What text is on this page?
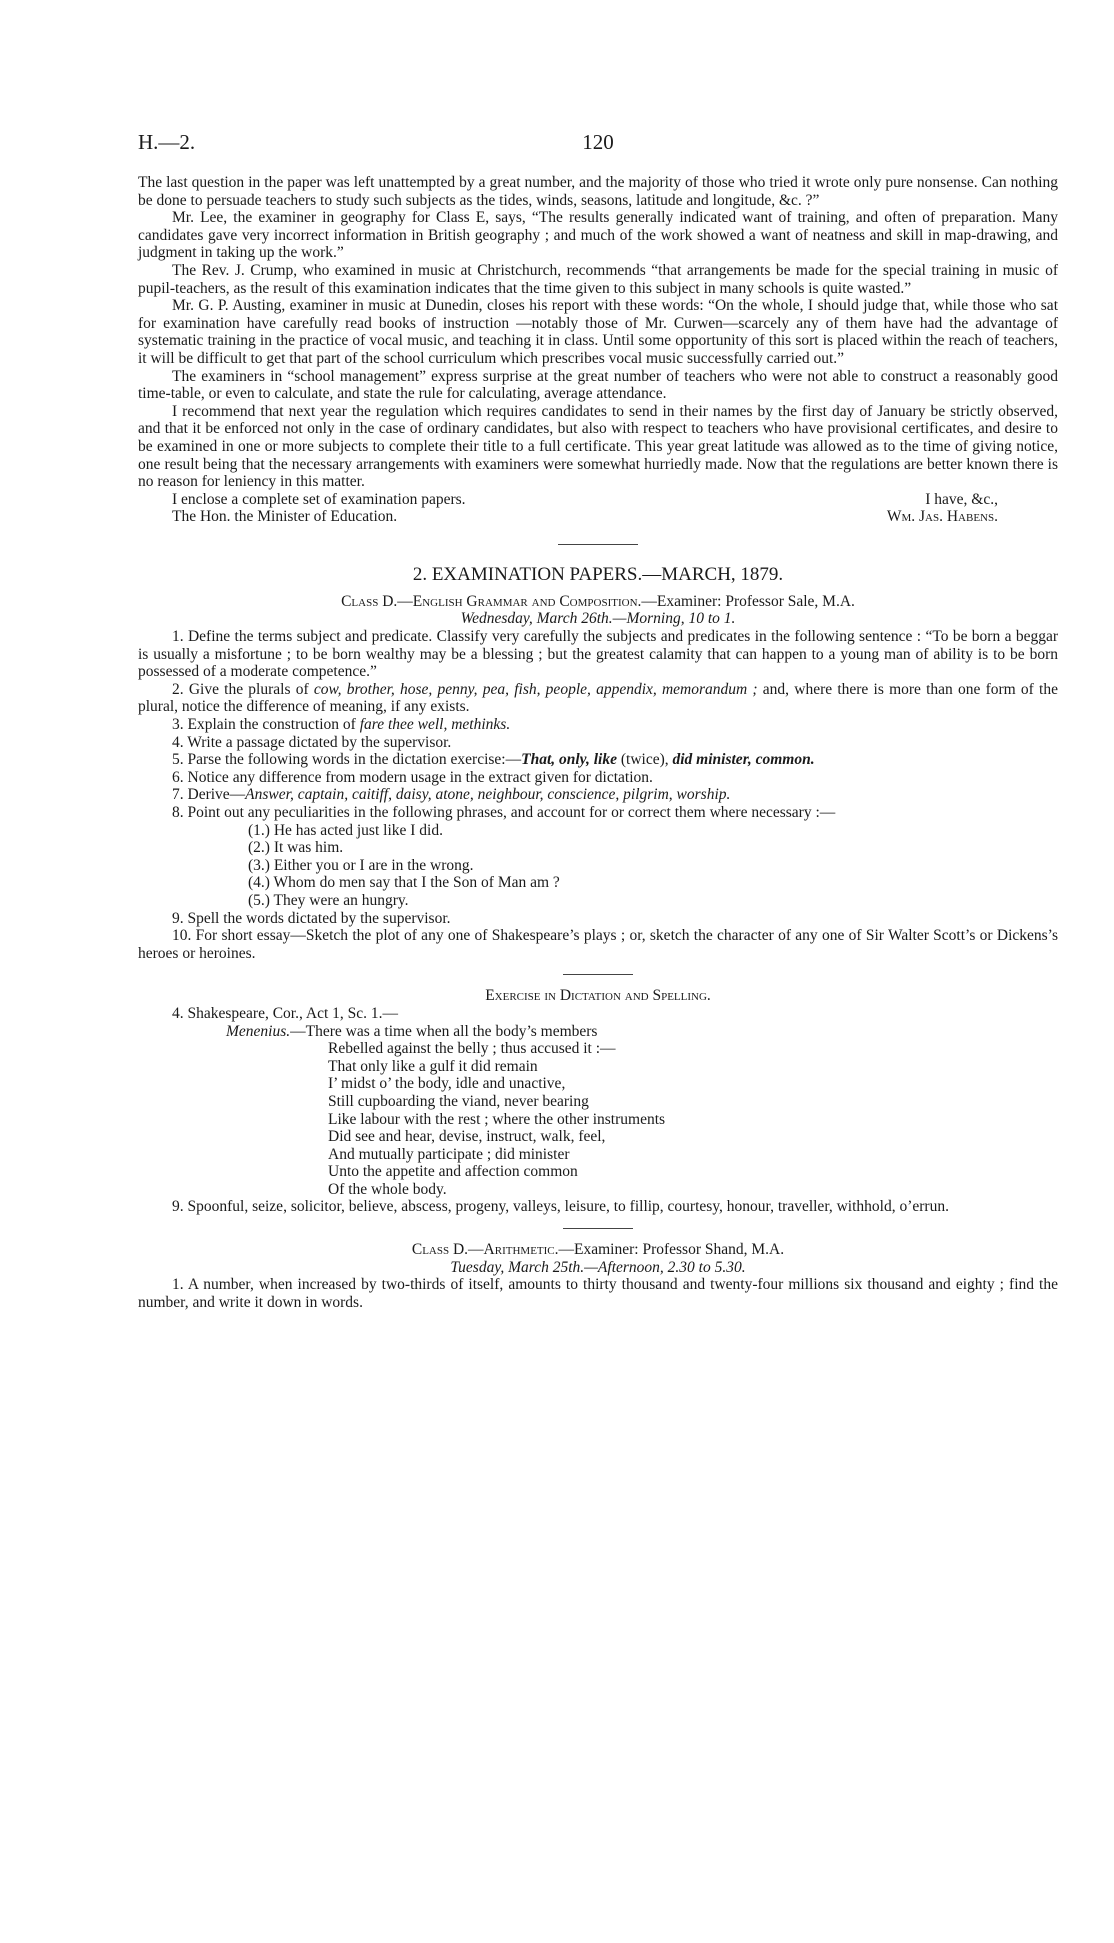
H.—2.	120

The last question in the paper was left unattempted by a great number, and the majority of those who tried it wrote only pure nonsense. Can nothing be done to persuade teachers to study such subjects as the tides, winds, seasons, latitude and longitude, &c. ?”

Mr. Lee, the examiner in geography for Class E, says, “The results generally indicated want of training, and often of preparation. Many candidates gave very incorrect information in British geography ; and much of the work showed a want of neatness and skill in map-drawing, and judgment in taking up the work.”

The Rev. J. Crump, who examined in music at Christchurch, recommends “that arrangements be made for the special training in music of pupil-teachers, as the result of this examination indicates that the time given to this subject in many schools is quite wasted.”

Mr. G. P. Austing, examiner in music at Dunedin, closes his report with these words: “On the whole, I should judge that, while those who sat for examination have carefully read books of instruction —notably those of Mr. Curwen—scarcely any of them have had the advantage of systematic training in the practice of vocal music, and teaching it in class. Until some opportunity of this sort is placed within the reach of teachers, it will be difficult to get that part of the school curriculum which prescribes vocal music successfully carried out.”

The examiners in “school management” express surprise at the great number of teachers who were not able to construct a reasonably good time-table, or even to calculate, and state the rule for calculating, average attendance.

I recommend that next year the regulation which requires candidates to send in their names by the first day of January be strictly observed, and that it be enforced not only in the case of ordinary candidates, but also with respect to teachers who have provisional certificates, and desire to be examined in one or more subjects to complete their title to a full certificate. This year great latitude was allowed as to the time of giving notice, one result being that the necessary arrangements with examiners were somewhat hurriedly made. Now that the regulations are better known there is no reason for leniency in this matter.

I enclose a complete set of examination papers.	I have, &c.,
The Hon. the Minister of Education.	Wm. Jas. Habens.
2. EXAMINATION PAPERS.—MARCH, 1879.
Class D.—English Grammar and Composition.—Examiner: Professor Sale, M.A.
Wednesday, March 26th.—Morning, 10 to 1.

1. Define the terms subject and predicate. Classify very carefully the subjects and predicates in the following sentence : “To be born a beggar is usually a misfortune ; to be born wealthy may be a blessing ; but the greatest calamity that can happen to a young man of ability is to be born possessed of a moderate competence.”

2. Give the plurals of cow, brother, hose, penny, pea, fish, people, appendix, memorandum ; and, where there is more than one form of the plural, notice the difference of meaning, if any exists.

3. Explain the construction of fare thee well, methinks.

4. Write a passage dictated by the supervisor.

5. Parse the following words in the dictation exercise:—That, only, like (twice), did minister, common.

6. Notice any difference from modern usage in the extract given for dictation.

7. Derive—Answer, captain, caitiff, daisy, atone, neighbour, conscience, pilgrim, worship.

8. Point out any peculiarities in the following phrases, and account for or correct them where necessary :—

(1.) He has acted just like I did.

(2.) It was him.

(3.) Either you or I are in the wrong.

(4.) Whom do men say that I the Son of Man am ?

(5.) They were an hungry.

9. Spell the words dictated by the supervisor.

10. For short essay—Sketch the plot of any one of Shakespeare’s plays ; or, sketch the character of any one of Sir Walter Scott’s or Dickens’s heroes or heroines.

Exercise in Dictation and Spelling.

4. Shakespeare, Cor., Act 1, Sc. 1.—

Menenius.—There was a time when all the body’s members

Rebelled against the belly ; thus accused it :—

That only like a gulf it did remain

I’ midst o’ the body, idle and unactive,

Still cupboarding the viand, never bearing

Like labour with the rest ; where the other instruments

Did see and hear, devise, instruct, walk, feel,

And mutually participate ; did minister

Unto the appetite and affection common

Of the whole body.

9. Spoonful, seize, solicitor, believe, abscess, progeny, valleys, leisure, to fillip, courtesy, honour, traveller, withhold, o’errun.

Class D.—Arithmetic.—Examiner: Professor Shand, M.A.
Tuesday, March 25th.—Afternoon, 2.30 to 5.30.

1. A number, when increased by two-thirds of itself, amounts to thirty thousand and twenty-four millions six thousand and eighty ; find the number, and write it down in words.
